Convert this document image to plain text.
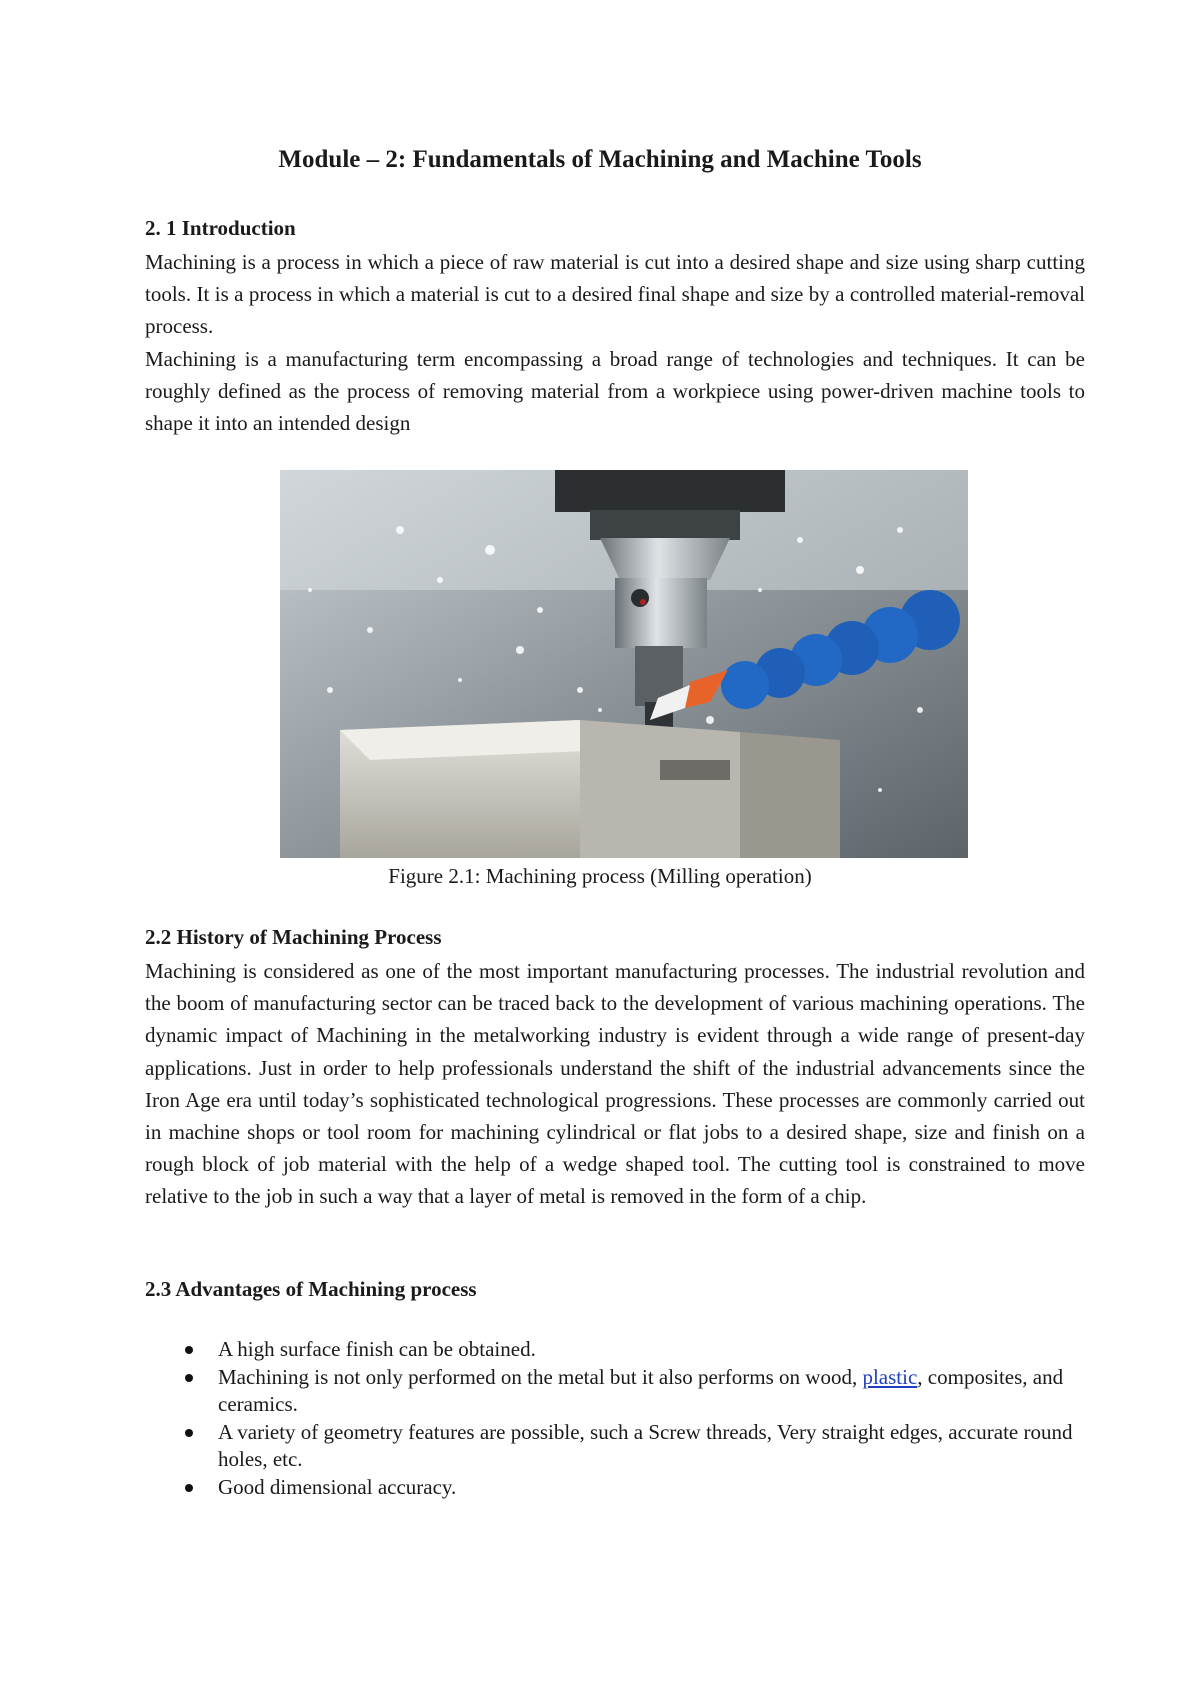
Module – 2: Fundamentals of Machining and Machine Tools
2. 1 Introduction

Machining is a process in which a piece of raw material is cut into a desired shape and size using sharp cutting tools. It is a process in which a material is cut to a desired final shape and size by a controlled material-removal process.

Machining is a manufacturing term encompassing a broad range of technologies and techniques. It can be roughly defined as the process of removing material from a workpiece using power-driven machine tools to shape it into an intended design

Figure 2.1: Machining process (Milling operation)

2.2 History of Machining Process

Machining is considered as one of the most important manufacturing processes. The industrial revolution and the boom of manufacturing sector can be traced back to the development of various machining operations. The dynamic impact of Machining in the metalworking industry is evident through a wide range of present-day applications. Just in order to help professionals understand the shift of the industrial advancements since the Iron Age era until today’s sophisticated technological progressions. These processes are commonly carried out in machine shops or tool room for machining cylindrical or flat jobs to a desired shape, size and finish on a rough block of job material with the help of a wedge shaped tool. The cutting tool is constrained to move relative to the job in such a way that a layer of metal is removed in the form of a chip.

2.3 Advantages of Machining process
A high surface finish can be obtained.
Machining is not only performed on the metal but it also performs on wood, plastic, composites, and ceramics.
A variety of geometry features are possible, such a Screw threads, Very straight edges, accurate round holes, etc.
Good dimensional accuracy.
